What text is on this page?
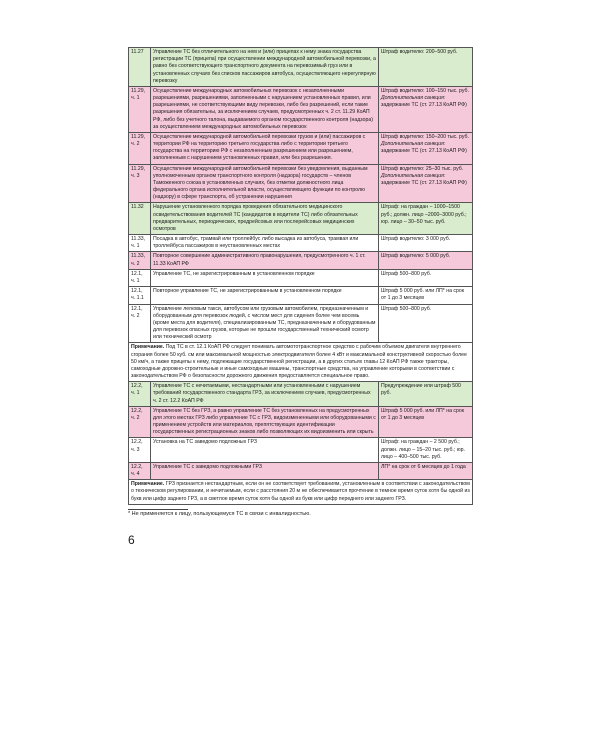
11.27	Управление ТС без отличительного на нем и (или) прицепах к нему знака государства регистрации ТС (прицепа) при осуществлении международной автомобильной перевозки, а равно без соответствующего транспортного документа на перевозимый груз или в установленных случаях без списков пассажиров автобуса, осуществляющего нерегулярную перевозку	Штраф водителю: 200–500 руб.

11.29, ч. 1	Осуществление международных автомобильных перевозок с незаполненными разрешениями, разрешениями, заполненными с нарушением установленных правил, или разрешениями, не соответствующими виду перевозки, либо без разрешений, если такие разрешения обязательны, за исключением случаев, предусмотренных ч. 2 ст. 11.29 КоАП РФ, либо без учетного талона, выдаваемого органом государственного контроля (надзора) за осуществлением международных автомобильных перевозок	Штраф водителю: 100–150 тыс. руб.
Дополнительная санкция: задержание ТС (ст. 27.13 КоАП РФ)

11.29, ч. 2	Осуществление международной автомобильной перевозки грузов и (или) пассажиров с территории РФ на территорию третьего государства либо с территории третьего государства на территорию РФ с незаполненным разрешением или разрешением, заполненным с нарушением установленных правил, или без разрешения.	Штраф водителю: 150–200 тыс. руб.
Дополнительная санкция: задержание ТС (ст. 27.13 КоАП РФ)

11.29, ч. 3	Осуществление международной автомобильной перевозки без уведомления, выданным уполномоченным органом транспортного контроля (надзора) государств – членов Таможенного союза в установленных случаях, без отметки должностного лица федерального органа исполнительной власти, осуществляющего функции по контролю (надзору) в сфере транспорта, об устранении нарушения	Штраф водителю: 25–30 тыс. руб.
Дополнительная санкция: задержание ТС (ст. 27.13 КоАП РФ)

11.32	Нарушение установленного порядка проведения обязательного медицинского освидетельствования водителей ТС (кандидатов в водители ТС) либо обязательных предварительных, периодических, предрейсовых или послерейсовых медицинских осмотров	Штраф: на граждан – 1000–1500 руб.; должн. лицо –2000–3000 руб.; юр. лицо – 30–50 тыс. руб.

11.33, ч. 1	Посадка в автобус, трамвай или троллейбус либо высадка из автобуса, трамвая или троллейбуса пассажиров в неустановленных местах	Штраф водителю: 3 000 руб.

11.33, ч. 2	Повторное совершение административного правонарушения, предусмотренного ч. 1 ст. 11.33 КоАП РФ	Штраф водителю: 5 000 руб.

12.1, ч. 1	Управление ТС, не зарегистрированным в установленном порядке	Штраф 500–800 руб.

12.1, ч. 1.1	Повторное управление ТС, не зарегистрированным в установленном порядке	Штраф 5 000 руб. или ЛП* на срок от 1 до 3 месяцев

12.1, ч. 2	Управление легковым такси, автобусом или грузовым автомобилем, предназначенным и оборудованным для перевозок людей, с числом мест для сидения более чем восемь (кроме места для водителя), специализированным ТС, предназначенным и оборудованным для перевозок опасных грузов, которые не прошли государственный технический осмотр или технический осмотр	Штраф 500–800 руб.

Примечание. Под ТС в ст. 12.1 КоАП РФ следует понимать автомототранспортное средство с рабочим объемом двигателя внутреннего сгорания более 50 куб. см или максимальной мощностью электродвигателя более 4 кВт и максимальной конструктивной скоростью более 50 км/ч, а также прицепы к нему, подлежащие государственной регистрации, а в других статьях главы 12 КоАП РФ также тракторы, самоходные дорожно-строительные и иные самоходные машины, транспортные средства, на управление которыми в соответствии с законодательством РФ о безопасности дорожного движения предоставляется специальное право.		
12.2, ч. 1	Управление ТС с нечитаемыми, нестандартными или установленными с нарушением требований государственного стандарта ГРЗ, за исключением случаев, предусмотренных ч. 2 ст. 12.2 КоАП РФ	Предупреждение или штраф 500 руб.

12.2, ч. 2	Управление ТС без ГРЗ, а равно управление ТС без установленных на предусмотренных для этого местах ГРЗ либо управление ТС с ГРЗ, видоизмененными или оборудованными с применением устройств или материалов, препятствующих идентификации государственных регистрационных знаков либо позволяющих их видоизменить или скрыть	Штраф 5 000 руб. или ЛП* на срок от 1 до 3 месяцев

12.2, ч. 3	Установка на ТС заведомо подложных ГРЗ	Штраф: на граждан – 2 500 руб.; должн. лицо – 15–20 тыс. руб.; юр. лицо – 400–500 тыс. руб.

12.2, ч. 4	Управление ТС с заведомо подложными ГРЗ	ЛП* на срок от 6 месяцев до 1 года

Примечание. ГРЗ признается нестандартным, если он не соответствует требованиям, установленным в соответствии с законодательством о техническом регулировании, и нечитаемым, если с расстояния 20 м не обеспечивается прочтение в темное время суток хотя бы одной из букв или цифр заднего ГРЗ, а в светлое время суток хотя бы одной из букв или цифр переднего или заднего ГРЗ.		
* Не применяется к лицу, пользующемуся ТС в связи с инвалидностью.
6
